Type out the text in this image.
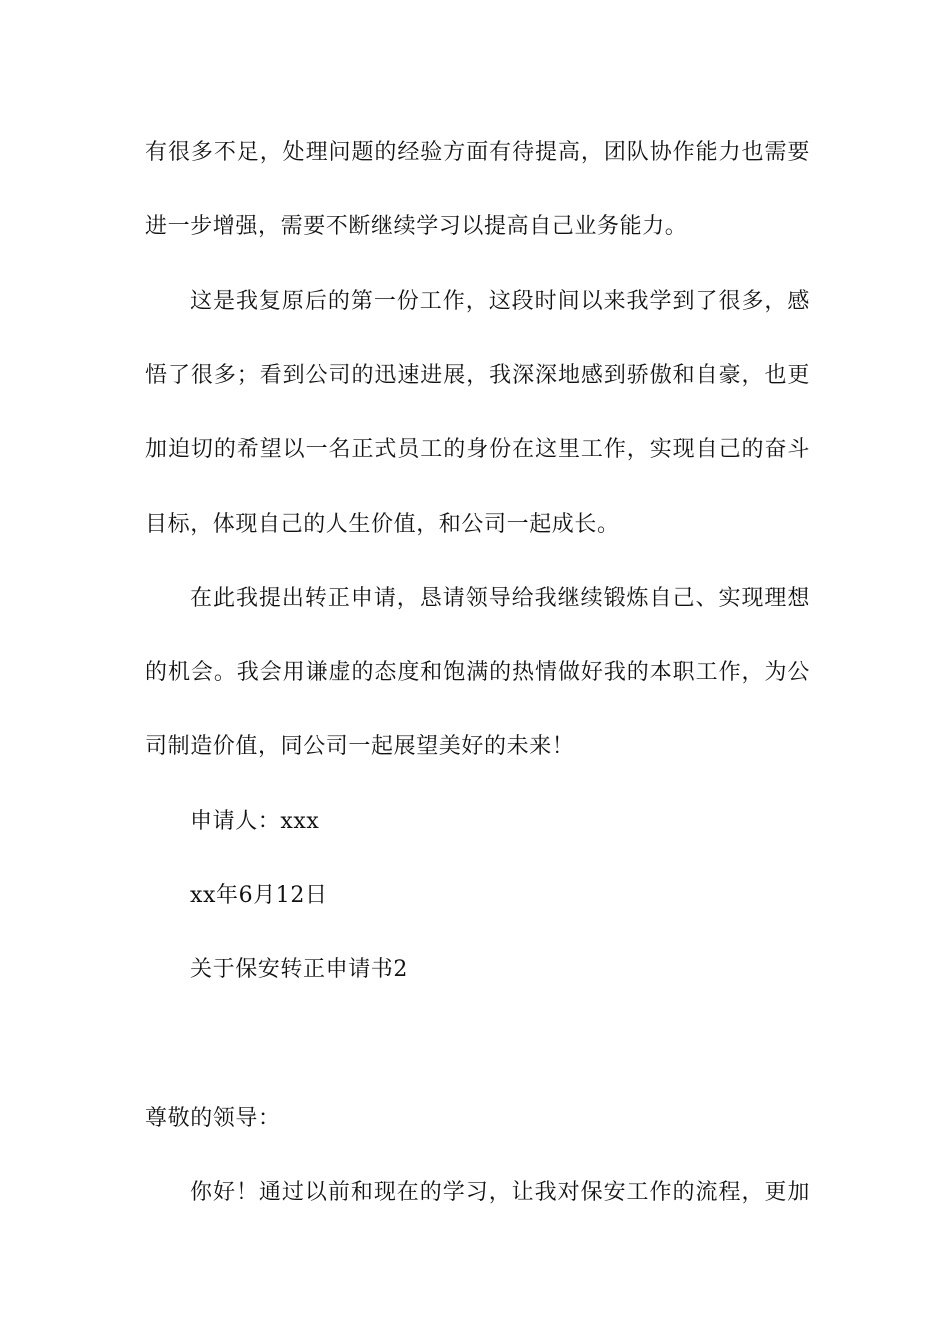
有很多不足，处理问题的经验方面有待提高，团队协作能力也需要
进一步增强，需要不断继续学习以提高自己业务能力。
这是我复原后的第一份工作，这段时间以来我学到了很多，感
悟了很多；看到公司的迅速进展，我深深地感到骄傲和自豪，也更
加迫切的希望以一名正式员工的身份在这里工作，实现自己的奋斗
目标，体现自己的人生价值，和公司一起成长。
在此我提出转正申请，恳请领导给我继续锻炼自己、实现理想
的机会。我会用谦虚的态度和饱满的热情做好我的本职工作，为公
司制造价值，同公司一起展望美好的未来！
申请人：xxx
xx年6月12日
关于保安转正申请书2
尊敬的领导：
你好！通过以前和现在的学习，让我对保安工作的流程，更加
